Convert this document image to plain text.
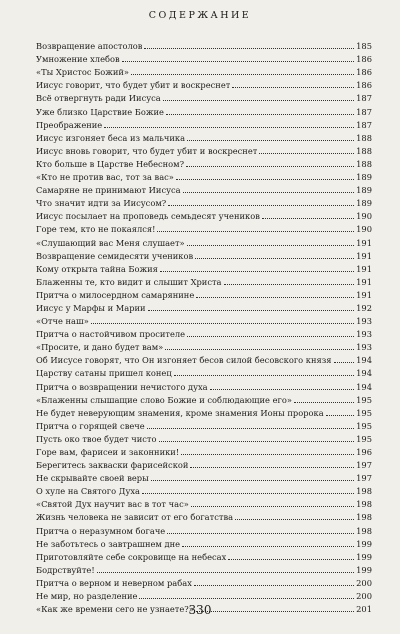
СОДЕРЖАНИЕ
Возвращение апостолов	185
Умножение хлебов	186
«Ты Христос Божий»	186
Иисус говорит, что будет убит и воскреснет	186
Всё отвергнуть ради Иисуса	187
Уже близко Царствие Божие	187
Преображение	187
Иисус изгоняет беса из мальчика	188
Иисус вновь говорит, что будет убит и воскреснет	188
Кто больше в Царстве Небесном?	188
«Кто не против вас, тот за вас»	189
Самаряне не принимают Иисуса	189
Что значит идти за Иисусом?	189
Иисус посылает на проповедь семьдесят учеников	190
Горе тем, кто не покаялся!	190
«Слушающий вас Меня слушает»	191
Возвращение семидесяти учеников	191
Кому открыта тайна Божия	191
Блаженны те, кто видит и слышит Христа	191
Притча о милосердном самарянине	191
Иисус у Марфы и Марии	192
«Отче наш»	193
Притча о настойчивом просителе	193
«Просите, и дано будет вам»	193
Об Иисусе говорят, что Он изгоняет бесов силой бесовского князя	194
Царству сатаны пришел конец	194
Притча о возвращении нечистого духа	194
«Блаженны слышащие слово Божие и соблюдающие его»	195
Не будет неверующим знамения, кроме знамения Ионы пророка	195
Притча о горящей свече	195
Пусть око твое будет чисто	195
Горе вам, фарисеи и законники!	196
Берегитесь закваски фарисейской	197
Не скрывайте своей веры	197
О хуле на Святого Духа	198
«Святой Дух научит вас в тот час»	198
Жизнь человека не зависит от его богатства	198
Притча о неразумном богаче	198
Не заботьтесь о завтрашнем дне	199
Приготовляйте себе сокровище на небесах	199
Бодрствуйте!	199
Притча о верном и неверном рабах	200
Не мир, но разделение	200
«Как же времени сего не узнаете?»	201
330
